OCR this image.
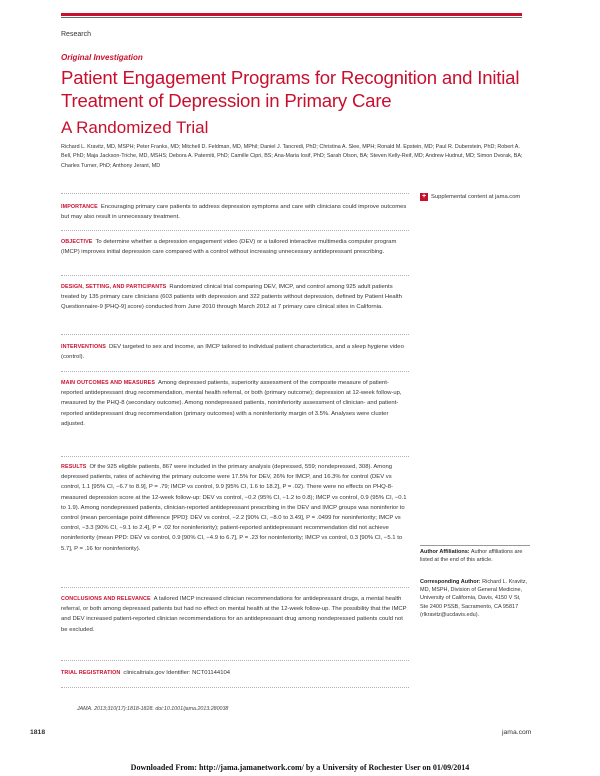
Research
Original Investigation
Patient Engagement Programs for Recognition and Initial Treatment of Depression in Primary Care
A Randomized Trial
Richard L. Kravitz, MD, MSPH; Peter Franks, MD; Mitchell D. Feldman, MD, MPhil; Daniel J. Tancredi, PhD; Christina A. Slee, MPH; Ronald M. Epstein, MD; Paul R. Duberstein, PhD; Robert A. Bell, PhD; Maja Jackson-Triche, MD, MSHS; Debora A. Paterniti, PhD; Camille Cipri, BS; Ana-Maria Iosif, PhD; Sarah Olson, BA; Steven Kelly-Reif, MD; Andrew Hudnut, MD; Simon Dvorak, BA; Charles Turner, PhD; Anthony Jerant, MD
+ Supplemental content at jama.com
IMPORTANCE Encouraging primary care patients to address depression symptoms and care with clinicians could improve outcomes but may also result in unnecessary treatment.
OBJECTIVE To determine whether a depression engagement video (DEV) or a tailored interactive multimedia computer program (IMCP) improves initial depression care compared with a control without increasing unnecessary antidepressant prescribing.
DESIGN, SETTING, AND PARTICIPANTS Randomized clinical trial comparing DEV, IMCP, and control among 925 adult patients treated by 135 primary care clinicians (603 patients with depression and 322 patients without depression, defined by Patient Health Questionnaire-9 [PHQ-9] score) conducted from June 2010 through March 2012 at 7 primary care clinical sites in California.
INTERVENTIONS DEV targeted to sex and income, an IMCP tailored to individual patient characteristics, and a sleep hygiene video (control).
MAIN OUTCOMES AND MEASURES Among depressed patients, superiority assessment of the composite measure of patient-reported antidepressant drug recommendation, mental health referral, or both (primary outcome); depression at 12-week follow-up, measured by the PHQ-8 (secondary outcome). Among nondepressed patients, noninferiority assessment of clinician- and patient-reported antidepressant drug recommendation (primary outcomes) with a noninferiority margin of 3.5%. Analyses were cluster adjusted.
RESULTS Of the 925 eligible patients, 867 were included in the primary analysis (depressed, 559; nondepressed, 308). Among depressed patients, rates of achieving the primary outcome were 17.5% for DEV, 26% for IMCP, and 16.3% for control (DEV vs control, 1.1 [95% CI, −6.7 to 8.9], P = .79; IMCP vs control, 9.9 [95% CI, 1.6 to 18.2], P = .02). There were no effects on PHQ-8-measured depression score at the 12-week follow-up: DEV vs control, −0.2 (95% CI, −1.2 to 0.8); IMCP vs control, 0.9 (95% CI, −0.1 to 1.9). Among nondepressed patients, clinician-reported antidepressant prescribing in the DEV and IMCP groups was noninferior to control (mean percentage point difference [PPD]: DEV vs control, −2.2 [90% CI, −8.0 to 3.49], P = .0499 for noninferiority; IMCP vs control, −3.3 [90% CI, −9.1 to 2.4], P = .02 for noninferiority); patient-reported antidepressant recommendation did not achieve noninferiority (mean PPD: DEV vs control, 0.9 [90% CI, −4.9 to 6.7], P = .23 for noninferiority; IMCP vs control, 0.3 [90% CI, −5.1 to 5.7], P = .16 for noninferiority).
CONCLUSIONS AND RELEVANCE A tailored IMCP increased clinician recommendations for antidepressant drugs, a mental health referral, or both among depressed patients but had no effect on mental health at the 12-week follow-up. The possibility that the IMCP and DEV increased patient-reported clinician recommendations for an antidepressant drug among nondepressed patients could not be excluded.
TRIAL REGISTRATION clinicaltrials.gov Identifier: NCT01144104
Author Affiliations: Author affiliations are listed at the end of this article.
Corresponding Author: Richard L. Kravitz, MD, MSPH, Division of General Medicine, University of California, Davis, 4150 V St, Ste 2400 PSSB, Sacramento, CA 95817 (rlkravitz@ucdavis.edu).
JAMA. 2013;310(17):1818-1828. doi:10.1001/jama.2013.280038
1818	jama.com
Downloaded From: http://jama.jamanetwork.com/ by a University of Rochester User on 01/09/2014
